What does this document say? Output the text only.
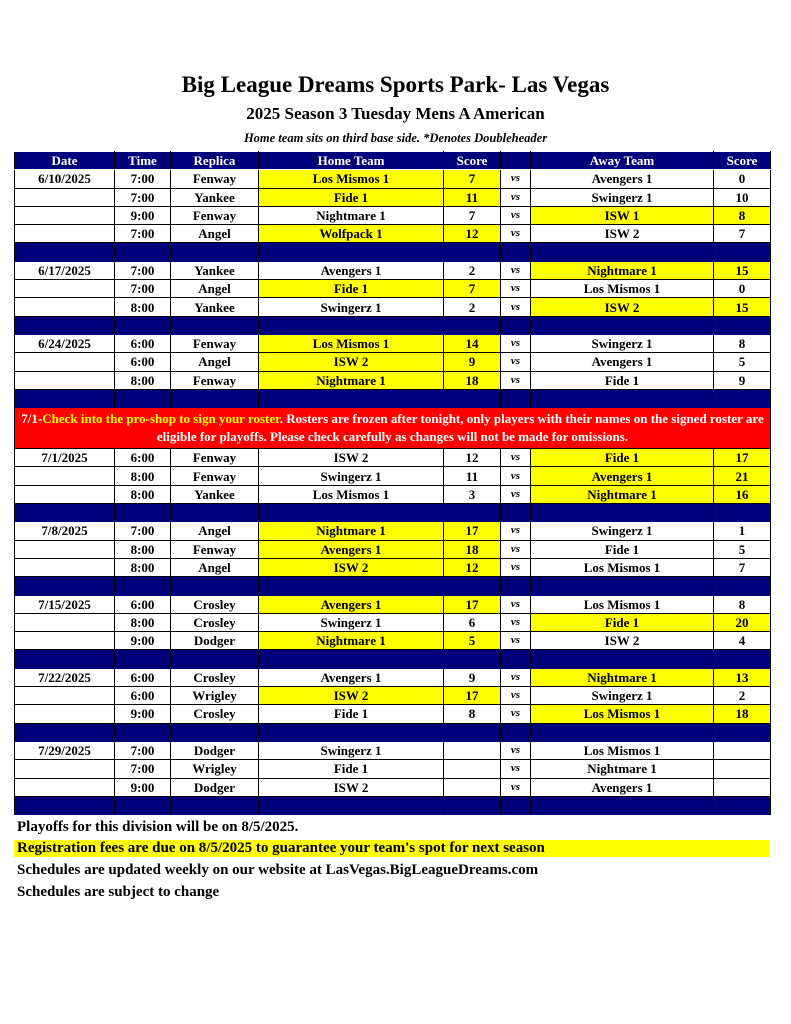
Big League Dreams Sports Park- Las Vegas
2025 Season 3 Tuesday Mens A American
Home team sits on third base side. *Denotes Doubleheader
Date	Time	Replica	Home Team	Score		Away Team	Score
6/10/2025	7:00	Fenway	Los Mismos 1	7	vs	Avengers 1	0
	7:00	Yankee	Fide 1	11	vs	Swingerz 1	10
	9:00	Fenway	Nightmare 1	7	vs	ISW 1	8
	7:00	Angel	Wolfpack 1	12	vs	ISW 2	7

6/17/2025	7:00	Yankee	Avengers 1	2	vs	Nightmare 1	15
	7:00	Angel	Fide 1	7	vs	Los Mismos 1	0
	8:00	Yankee	Swingerz 1	2	vs	ISW 2	15

6/24/2025	6:00	Fenway	Los Mismos 1	14	vs	Swingerz 1	8
	6:00	Angel	ISW 2	9	vs	Avengers 1	5
	8:00	Fenway	Nightmare 1	18	vs	Fide 1	9

7/1-Check into the pro-shop to sign your roster. Rosters are frozen after tonight, only players with their names on the signed roster are eligible for playoffs. Please check carefully as changes will not be made for omissions.							
7/1/2025	6:00	Fenway	ISW 2	12	vs	Fide 1	17
	8:00	Fenway	Swingerz 1	11	vs	Avengers 1	21
	8:00	Yankee	Los Mismos 1	3	vs	Nightmare 1	16

7/8/2025	7:00	Angel	Nightmare 1	17	vs	Swingerz 1	1
	8:00	Fenway	Avengers 1	18	vs	Fide 1	5
	8:00	Angel	ISW 2	12	vs	Los Mismos 1	7

7/15/2025	6:00	Crosley	Avengers 1	17	vs	Los Mismos 1	8
	8:00	Crosley	Swingerz 1	6	vs	Fide 1	20
	9:00	Dodger	Nightmare 1	5	vs	ISW 2	4

7/22/2025	6:00	Crosley	Avengers 1	9	vs	Nightmare 1	13
	6:00	Wrigley	ISW 2	17	vs	Swingerz 1	2
	9:00	Crosley	Fide 1	8	vs	Los Mismos 1	18

7/29/2025	7:00	Dodger	Swingerz 1		vs	Los Mismos 1	
	7:00	Wrigley	Fide 1		vs	Nightmare 1	
	9:00	Dodger	ISW 2		vs	Avengers 1	

Playoffs for this division will be on 8/5/2025.
Registration fees are due on 8/5/2025 to guarantee your team's spot for next season
Schedules are updated weekly on our website at LasVegas.BigLeagueDreams.com
Schedules are subject to change
